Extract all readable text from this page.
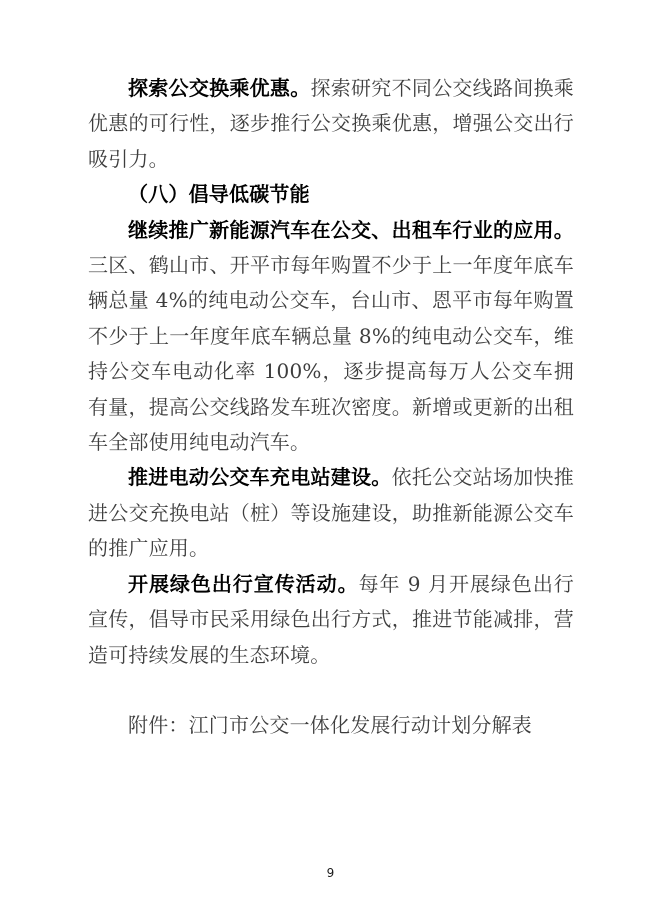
探索公交换乘优惠。探索研究不同公交线路间换乘优惠的可行性，逐步推行公交换乘优惠，增强公交出行吸引力。

（八）倡导低碳节能

继续推广新能源汽车在公交、出租车行业的应用。三区、鹤山市、开平市每年购置不少于上一年度年底车辆总量 4%的纯电动公交车，台山市、恩平市每年购置不少于上一年度年底车辆总量 8%的纯电动公交车，维持公交车电动化率 100%，逐步提高每万人公交车拥有量，提高公交线路发车班次密度。新增或更新的出租车全部使用纯电动汽车。

推进电动公交车充电站建设。依托公交站场加快推进公交充换电站（桩）等设施建设，助推新能源公交车的推广应用。

开展绿色出行宣传活动。每年 9 月开展绿色出行宣传，倡导市民采用绿色出行方式，推进节能减排，营造可持续发展的生态环境。

附件：江门市公交一体化发展行动计划分解表

9
